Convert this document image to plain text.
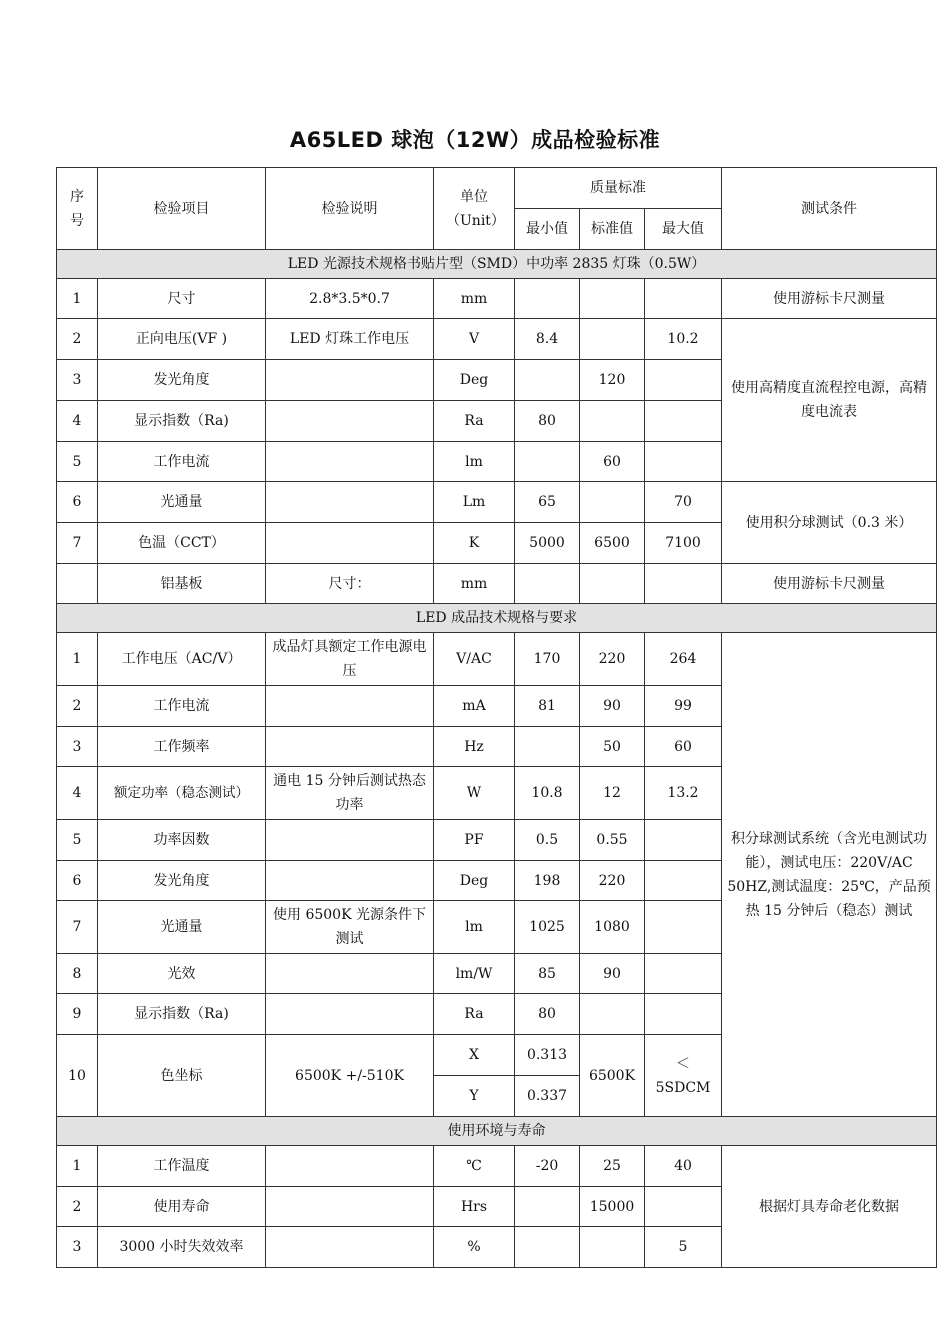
A65LED 球泡（12W）成品检验标准
序号	检验项目	检验说明	单位（Unit）	质量标准			测试条件
				最小值	标准值	最大值	
LED 光源技术规格书贴片型（SMD）中功率 2835 灯珠（0.5W）							
1	尺寸	2.8*3.5*0.7	mm				使用游标卡尺测量
2	正向电压(VF )	LED 灯珠工作电压	V	8.4		10.2	使用高精度直流程控电源，高精度电流表
3	发光角度		Deg		120		
4	显示指数（Ra)		Ra	80			
5	工作电流		lm		60		
6	光通量		Lm	65		70	使用积分球测试（0.3 米）
7	色温（CCT）		K	5000	6500	7100	
	铝基板	尺寸：	mm				使用游标卡尺测量
LED 成品技术规格与要求							
1	工作电压（AC/V）	成品灯具额定工作电源电压	V/AC	170	220	264	积分球测试系统（含光电测试功能），测试电压：220V/AC 50HZ,测试温度：25℃，产品预热 15 分钟后（稳态）测试
2	工作电流		mA	81	90	99	
3	工作频率		Hz		50	60	
4	额定功率（稳态测试）	通电 15 分钟后测试热态功率	W	10.8	12	13.2	
5	功率因数		PF	0.5	0.55		
6	发光角度		Deg	198	220		
7	光通量	使用 6500K 光源条件下测试	lm	1025	1080		
8	光效		lm/W	85	90		
9	显示指数（Ra)		Ra	80			
10	色坐标	6500K +/-510K	X	0.313	6500K	＜5SDCM	
			Y	0.337			
使用环境与寿命							
1	工作温度		℃	-20	25	40	根据灯具寿命老化数据
2	使用寿命		Hrs		15000		
3	3000 小时失效效率		%			5	
